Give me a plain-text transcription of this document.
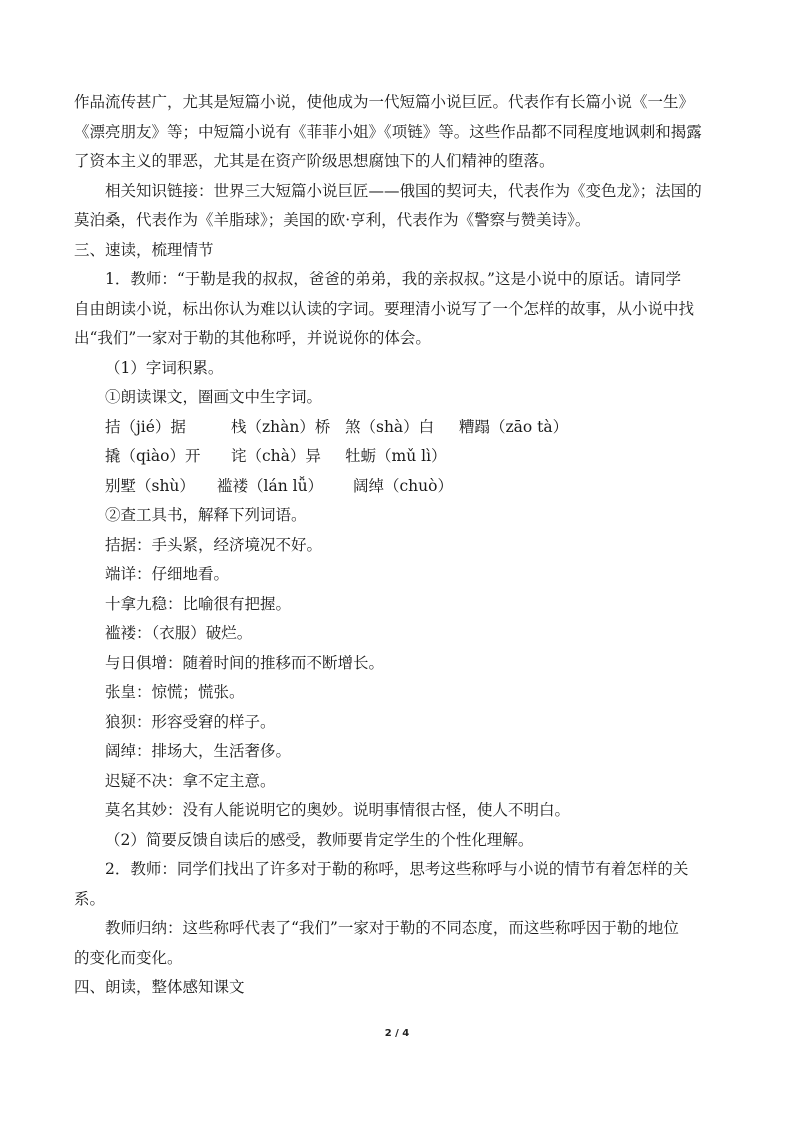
作品流传甚广，尤其是短篇小说，使他成为一代短篇小说巨匠。代表作有长篇小说《一生》
《漂亮朋友》等；中短篇小说有《菲菲小姐》《项链》等。这些作品都不同程度地讽刺和揭露
了资本主义的罪恶，尤其是在资产阶级思想腐蚀下的人们精神的堕落。
相关知识链接：世界三大短篇小说巨匠——俄国的契诃夫，代表作为《变色龙》；法国的
莫泊桑，代表作为《羊脂球》；美国的欧·亨利，代表作为《警察与赞美诗》。
三、速读，梳理情节
1．教师：“于勒是我的叔叔，爸爸的弟弟，我的亲叔叔。”这是小说中的原话。请同学
自由朗读小说，标出你认为难以认读的字词。要理清小说写了一个怎样的故事，从小说中找
出“我们”一家对于勒的其他称呼，并说说你的体会。
（1）字词积累。
①朗读课文，圈画文中生字词。
拮（jié）据	栈（zhàn）桥 煞（shà）白 糟蹋（zāo tà）
撬（qiào）开 诧（chà）异 牡蛎（mǔ lì）
别墅（shù） 褴褛（lán lǚ） 阔绰（chuò）
②查工具书，解释下列词语。
拮据：手头紧，经济境况不好。
端详：仔细地看。
十拿九稳：比喻很有把握。
褴褛：（衣服）破烂。
与日俱增：随着时间的推移而不断增长。
张皇：惊慌；慌张。
狼狈：形容受窘的样子。
阔绰：排场大，生活奢侈。
迟疑不决：拿不定主意。
莫名其妙：没有人能说明它的奥妙。说明事情很古怪，使人不明白。
（2）简要反馈自读后的感受，教师要肯定学生的个性化理解。
2．教师：同学们找出了许多对于勒的称呼，思考这些称呼与小说的情节有着怎样的关
系。
教师归纳：这些称呼代表了“我们”一家对于勒的不同态度，而这些称呼因于勒的地位
的变化而变化。
四、朗读，整体感知课文
2 / 4
